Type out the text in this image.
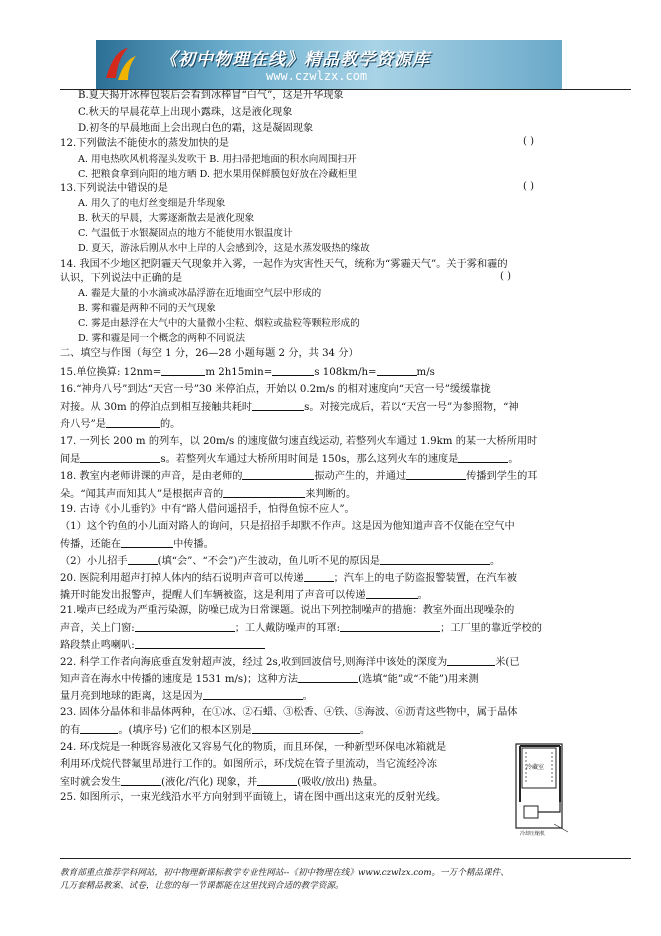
《初中物理在线》精品教学资源库
www.czwlzx.com
B.夏天揭开冰棒包装后会看到冰棒冒“白气”，这是升华现象
C.秋天的早晨花草上出现小露珠，这是液化现象
D.初冬的早晨地面上会出现白色的霜，这是凝固现象
12.下列做法不能使水的蒸发加快的是	( )
A. 用电热吹风机将湿头发吹干 B. 用扫帚把地面的积水向周围扫开
C. 把粮食拿到向阳的地方晒 D. 把水果用保鲜膜包好放在冷藏柜里
13.下列说法中错误的是	( )
A. 用久了的电灯丝变细是升华现象
B. 秋天的早晨，大雾逐渐散去是液化现象
C. 气温低于水银凝固点的地方不能使用水银温度计
D. 夏天，游泳后刚从水中上岸的人会感到冷，这是水蒸发吸热的缘故
14. 我国不少地区把阴霾天气现象并入雾，一起作为灾害性天气，统称为“雾霾天气”。关于雾和霾的
认识，下列说法中正确的是	( )
A. 霾是大量的小水滴或冰晶浮游在近地面空气层中形成的
B. 雾和霾是两种不同的天气现象
C. 雾是由悬浮在大气中的大量微小尘粒、烟粒或盐粒等颗粒形成的
D. 雾和霾是同一个概念的两种不同说法
二、填空与作图（每空 1 分，26—28 小题每题 2 分，共 34 分）
15.单位换算: 12nm=	m 2h15min=	s 108km/h=	m/s
16.“神舟八号”到达“天宫一号”30 米停泊点，开始以 0.2m/s 的相对速度向“天宫一号”缓缓靠拢
对接。从 30m 的停泊点到相互接触共耗时	s。对接完成后，若以“天宫一号”为参照物，“神
舟八号”是	的。
17. 一列长 200 m 的列车，以 20m/s 的速度做匀速直线运动, 若整列火车通过 1.9km 的某一大桥所用时
间是	s。若整列火车通过大桥所用时间是 150s，那么这列火车的速度是	。
18. 教室内老师讲课的声音，是由老师的	振动产生的，并通过	传播到学生的耳
朵。“闻其声而知其人”是根据声音的	来判断的。
19. 古诗《小儿垂钓》中有“路人借问遥招手，怕得鱼惊不应人”。
（1）这个钓鱼的小儿面对路人的询问，只是招招手却默不作声。这是因为他知道声音不仅能在空气中
传播，还能在	中传播。
（2）小儿招手	(填“会”、“不会”)产生波动，鱼儿听不见的原因是	。
20. 医院利用超声打掉人体内的结石说明声音可以传递	；汽车上的电子防盗报警装置，在汽车被
撬开时能发出报警声，提醒人们车辆被盗，这是利用了声音可以传递	。
21.噪声已经成为严重污染源，防噪已成为日常课题。说出下列控制噪声的措施：教室外面出现噪杂的
声音，关上门窗:	；工人戴防噪声的耳罩:	；工厂里的靠近学校的
路段禁止鸣喇叭:
22. 科学工作者向海底垂直发射超声波，经过 2s,收到回波信号,则海洋中该处的深度为	米(已
知声音在海水中传播的速度是 1531 m/s)；这种方法	(选填“能”或“不能”)用来测
量月亮到地球的距离，这是因为	。
23. 固体分晶体和非晶体两种，在①冰、②石蜡、③松香、④铁、⑤海波、⑥沥青这些物中，属于晶体
的有	。(填序号) 它们的根本区别是	。
24. 环戊烷是一种既容易液化又容易气化的物质，而且环保，一种新型环保电冰箱就是
利用环戊烷代替氟里昂进行工作的。如图所示，环戊烷在管子里流动，当它流经冷冻
室时就会发生	(液化/汽化) 现象，并	(吸收/放出) 热量。
25. 如图所示，一束光线沿水平方向射到平面镜上，请在图中画出这束光的反射光线。
冷藏室
冷却压缩机
教育部重点推荐学科网站，初中物理新课标教学专业性网站--《初中物理在线》www.czwlzx.com。一万个精品课件、
几万套精品教案、试卷，让您的每一节课都能在这里找到合适的教学资源。
